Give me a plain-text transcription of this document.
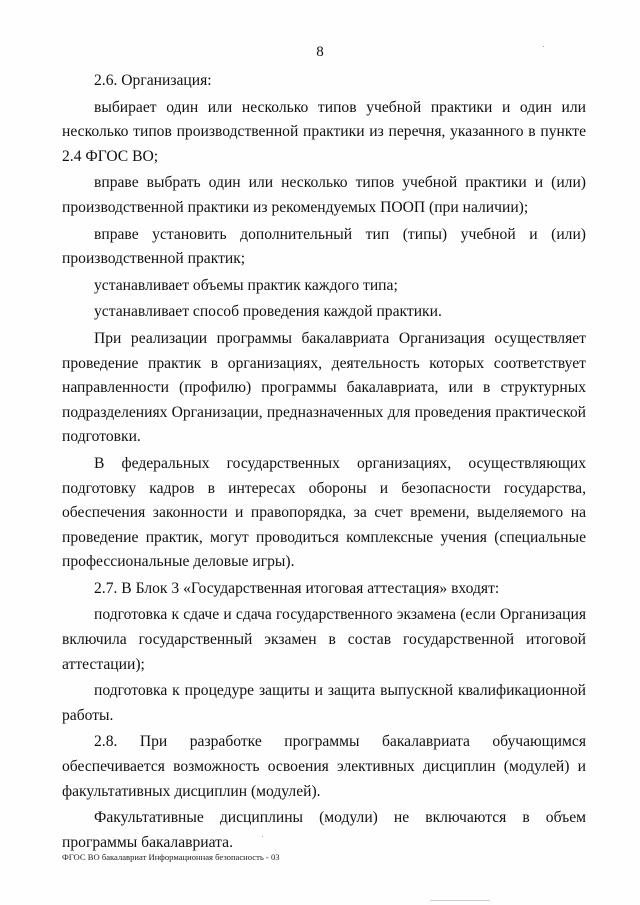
8

2.6. Организация:

выбирает один или несколько типов учебной практики и один или несколько типов производственной практики из перечня, указанного в пункте 2.4 ФГОС ВО;

вправе выбрать один или несколько типов учебной практики и (или) производственной практики из рекомендуемых ПООП (при наличии);

вправе установить дополнительный тип (типы) учебной и (или) производственной практик;

устанавливает объемы практик каждого типа;

устанавливает способ проведения каждой практики.

При реализации программы бакалавриата Организация осуществляет проведение практик в организациях, деятельность которых соответствует направленности (профилю) программы бакалавриата, или в структурных подразделениях Организации, предназначенных для проведения практической подготовки.

В федеральных государственных организациях, осуществляющих подготовку кадров в интересах обороны и безопасности государства, обеспечения законности и правопорядка, за счет времени, выделяемого на проведение практик, могут проводиться комплексные учения (специальные профессиональные деловые игры).

2.7. В Блок 3 «Государственная итоговая аттестация» входят:

подготовка к сдаче и сдача государственного экзамена (если Организация включила государственный экзамен в состав государственной итоговой аттестации);

подготовка к процедуре защиты и защита выпускной квалификационной работы.

2.8. При разработке программы бакалавриата обучающимся обеспечивается возможность освоения элективных дисциплин (модулей) и факультативных дисциплин (модулей).

Факультативные дисциплины (модули) не включаются в объем программы бакалавриата.

ФГОС ВО бакалавриат Информационная безопасность - 03
